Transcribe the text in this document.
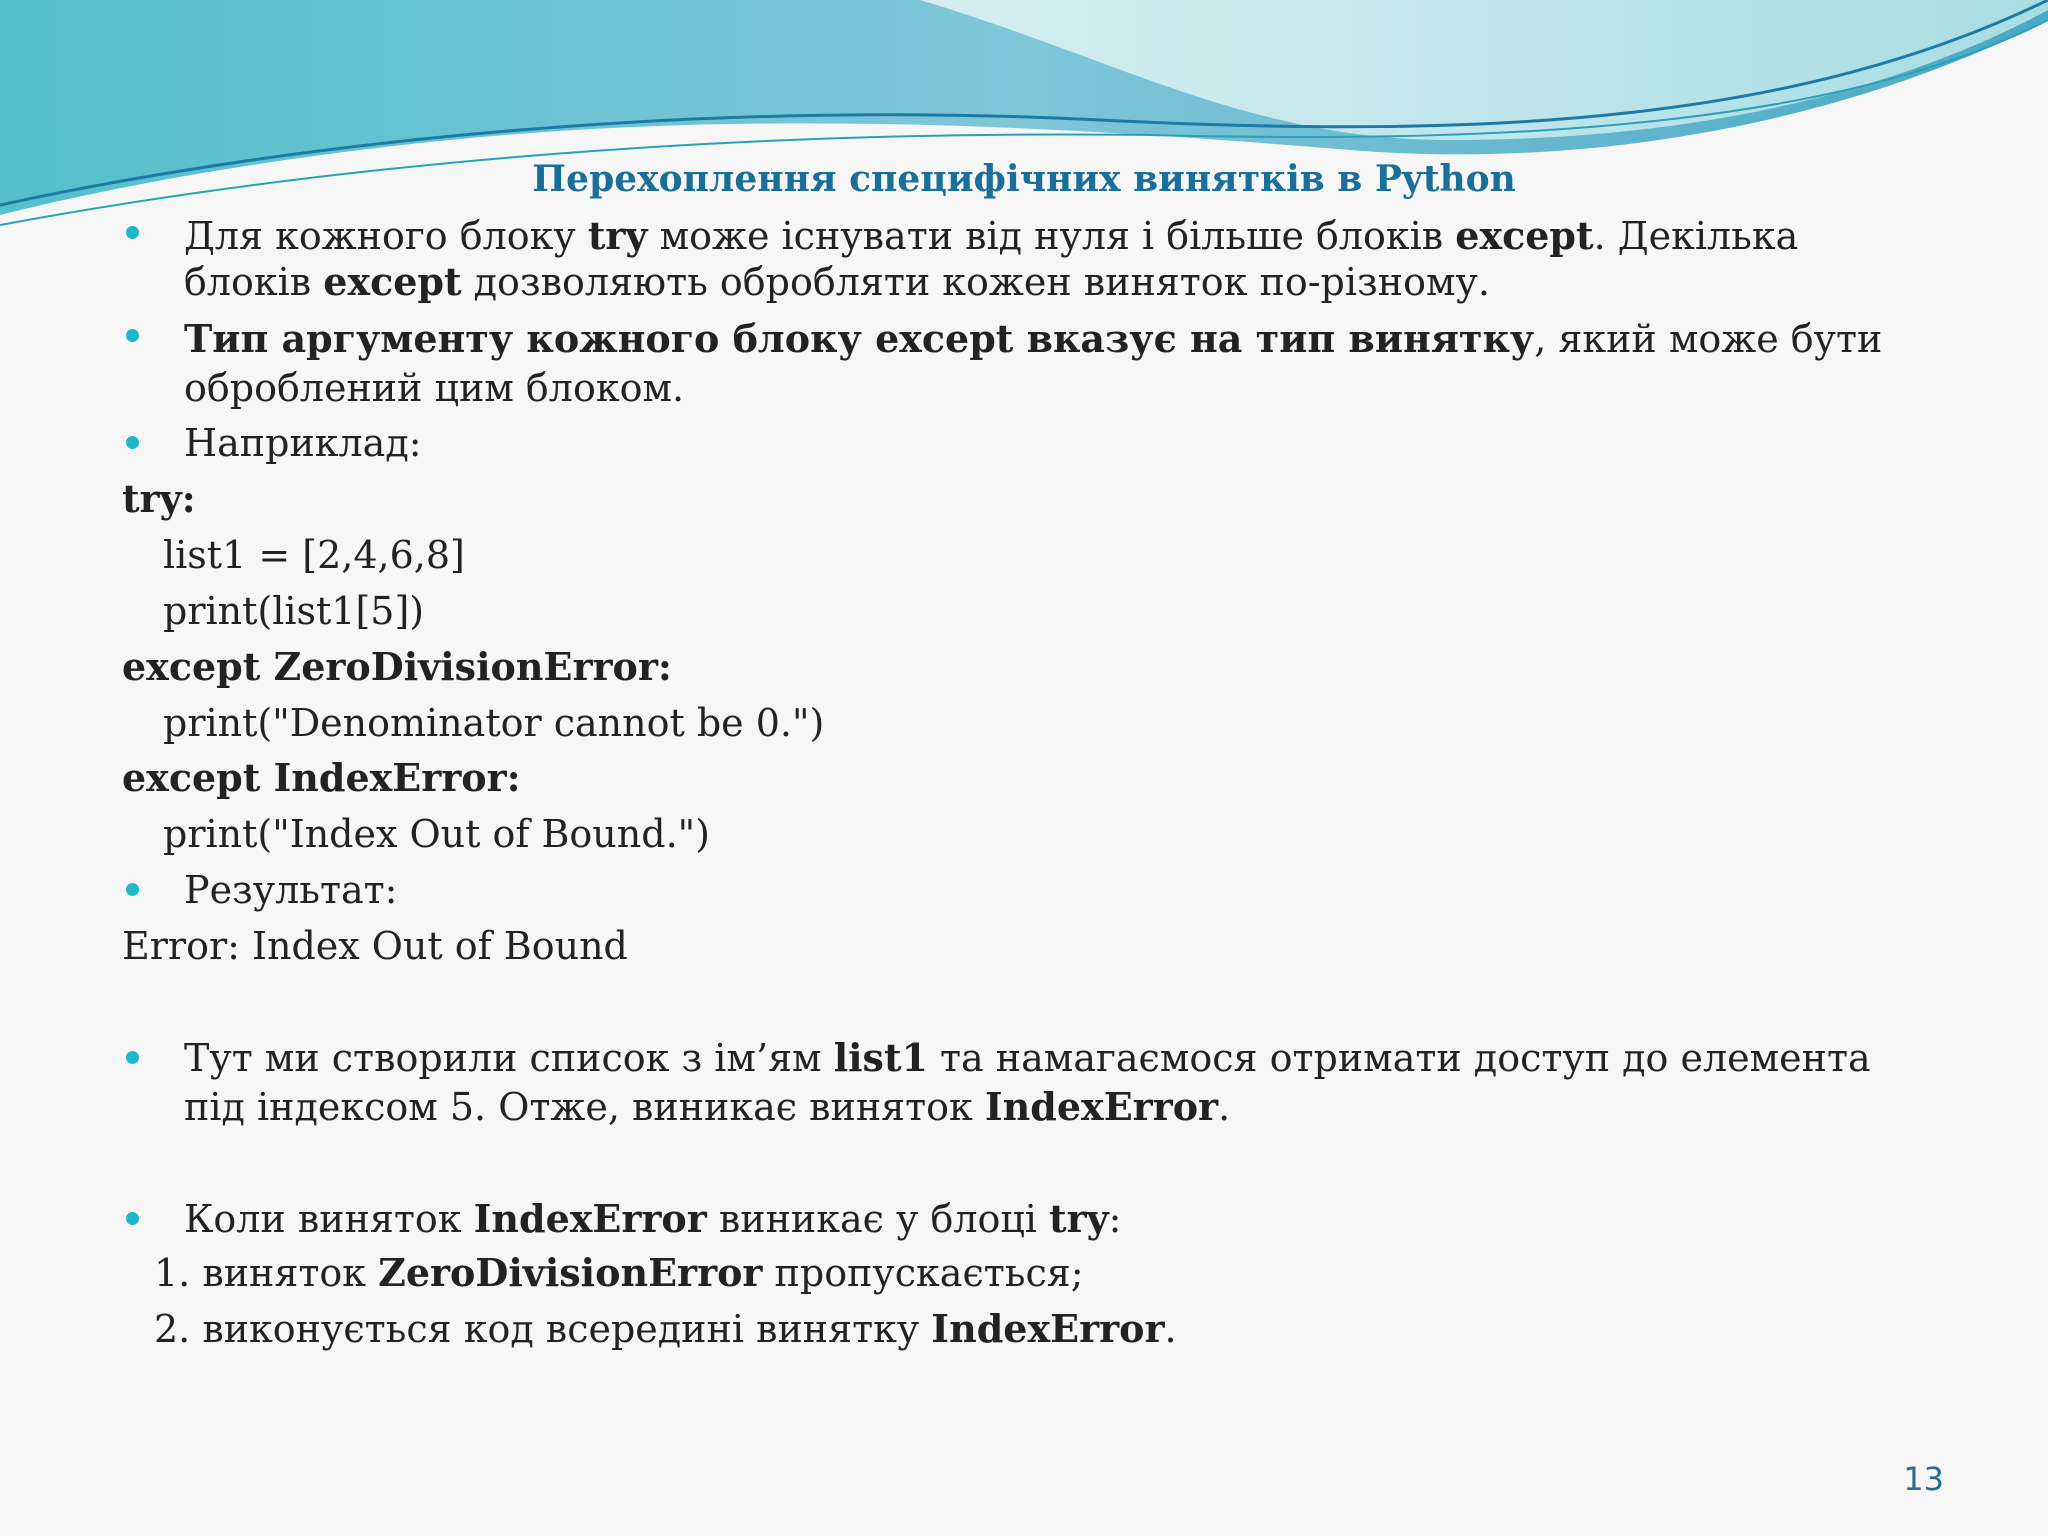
Перехоплення специфічних винятків в Python
Для кожного блоку try може існувати від нуля і більше блоків except. Декілька
блоків except дозволяють обробляти кожен виняток по-різному.
Тип аргументу кожного блоку except вказує на тип винятку, який може бути
оброблений цим блоком.
Наприклад:
try:
list1 = [2,4,6,8]
print(list1[5])
except ZeroDivisionError:
print("Denominator cannot be 0.")
except IndexError:
print("Index Out of Bound.")
Результат:
Error: Index Out of Bound
Тут ми створили список з ім’ям list1 та намагаємося отримати доступ до елемента
під індексом 5. Отже, виникає виняток IndexError.
Коли виняток IndexError виникає у блоці try:
1. виняток ZeroDivisionError пропускається;
2. виконується код всередині винятку IndexError.
13
